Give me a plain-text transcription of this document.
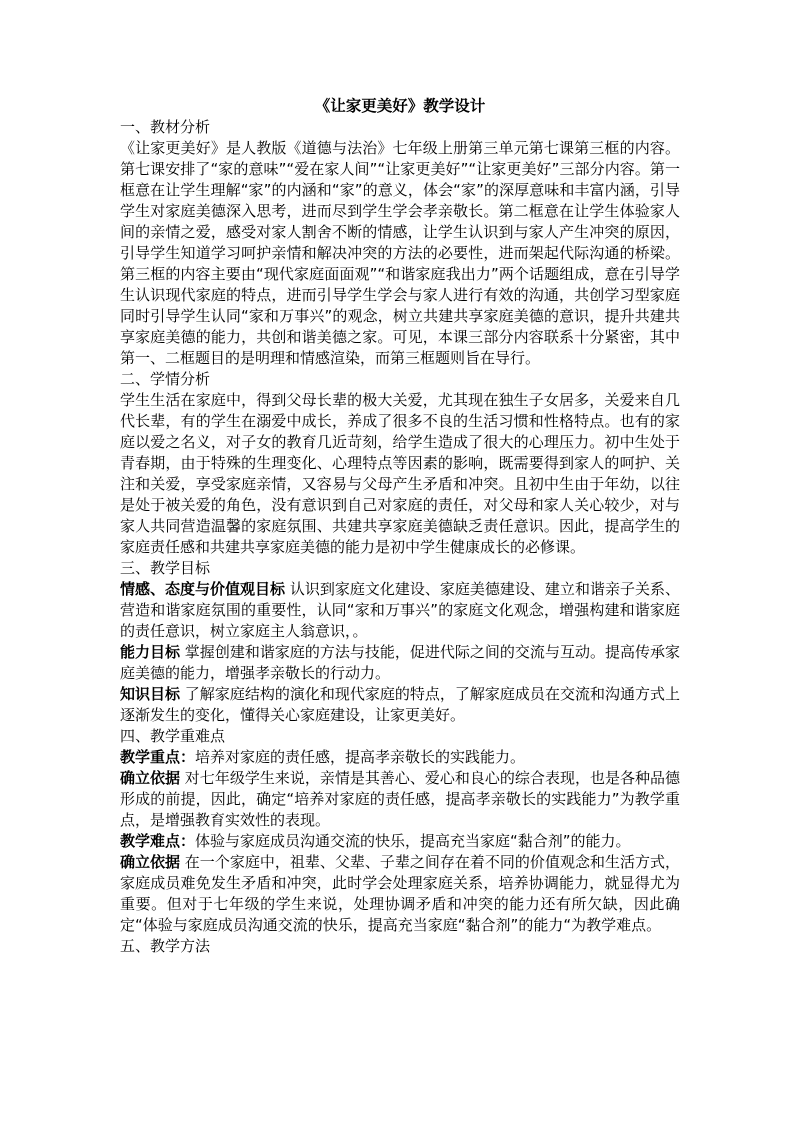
《让家更美好》教学设计

一、教材分析

《让家更美好》是人教版《道德与法治》七年级上册第三单元第七课第三框的内容。第七课安排了“家的意味”“爱在家人间”“让家更美好”“让家更美好”三部分内容。第一框意在让学生理解“家”的内涵和“家”的意义，体会“家”的深厚意味和丰富内涵，引导学生对家庭美德深入思考，进而尽到学生学会孝亲敬长。第二框意在让学生体验家人间的亲情之爱，感受对家人割舍不断的情感，让学生认识到与家人产生冲突的原因，引导学生知道学习呵护亲情和解决冲突的方法的必要性，进而架起代际沟通的桥梁。第三框的内容主要由“现代家庭面面观”“和谐家庭我出力”两个话题组成，意在引导学生认识现代家庭的特点，进而引导学生学会与家人进行有效的沟通，共创学习型家庭 同时引导学生认同“家和万事兴”的观念，树立共建共享家庭美德的意识，提升共建共享家庭美德的能力，共创和谐美德之家。可见，本课三部分内容联系十分紧密，其中第一、二框题目的是明理和情感渲染，而第三框题则旨在导行。

二、学情分析

学生生活在家庭中，得到父母长辈的极大关爱，尤其现在独生子女居多，关爱来自几代长辈，有的学生在溺爱中成长，养成了很多不良的生活习惯和性格特点。也有的家庭以爱之名义，对子女的教育几近苛刻，给学生造成了很大的心理压力。初中生处于青春期，由于特殊的生理变化、心理特点等因素的影响，既需要得到家人的呵护、关注和关爱，享受家庭亲情，又容易与父母产生矛盾和冲突。且初中生由于年幼，以往是处于被关爱的角色，没有意识到自己对家庭的责任，对父母和家人关心较少，对与家人共同营造温馨的家庭氛围、共建共享家庭美德缺乏责任意识。因此，提高学生的家庭责任感和共建共享家庭美德的能力是初中学生健康成长的必修课。

三、教学目标

情感、态度与价值观目标 认识到家庭文化建设、家庭美德建设、建立和谐亲子关系、营造和谐家庭氛围的重要性，认同“家和万事兴”的家庭文化观念，增强构建和谐家庭的责任意识，树立家庭主人翁意识，。

能力目标 掌握创建和谐家庭的方法与技能，促进代际之间的交流与互动。提高传承家庭美德的能力，增强孝亲敬长的行动力。

知识目标 了解家庭结构的演化和现代家庭的特点，了解家庭成员在交流和沟通方式上逐渐发生的变化，懂得关心家庭建设，让家更美好。

四、教学重难点

教学重点：培养对家庭的责任感，提高孝亲敬长的实践能力。

确立依据 对七年级学生来说，亲情是其善心、爱心和良心的综合表现，也是各种品德形成的前提，因此，确定“培养对家庭的责任感，提高孝亲敬长的实践能力”为教学重点，是增强教育实效性的表现。

教学难点：体验与家庭成员沟通交流的快乐，提高充当家庭“黏合剂”的能力。

确立依据 在一个家庭中，祖辈、父辈、子辈之间存在着不同的价值观念和生活方式，家庭成员难免发生矛盾和冲突，此时学会处理家庭关系，培养协调能力，就显得尤为重要。但对于七年级的学生来说，处理协调矛盾和冲突的能力还有所欠缺，因此确定“体验与家庭成员沟通交流的快乐，提高充当家庭“黏合剂”的能力“为教学难点。

五、教学方法
